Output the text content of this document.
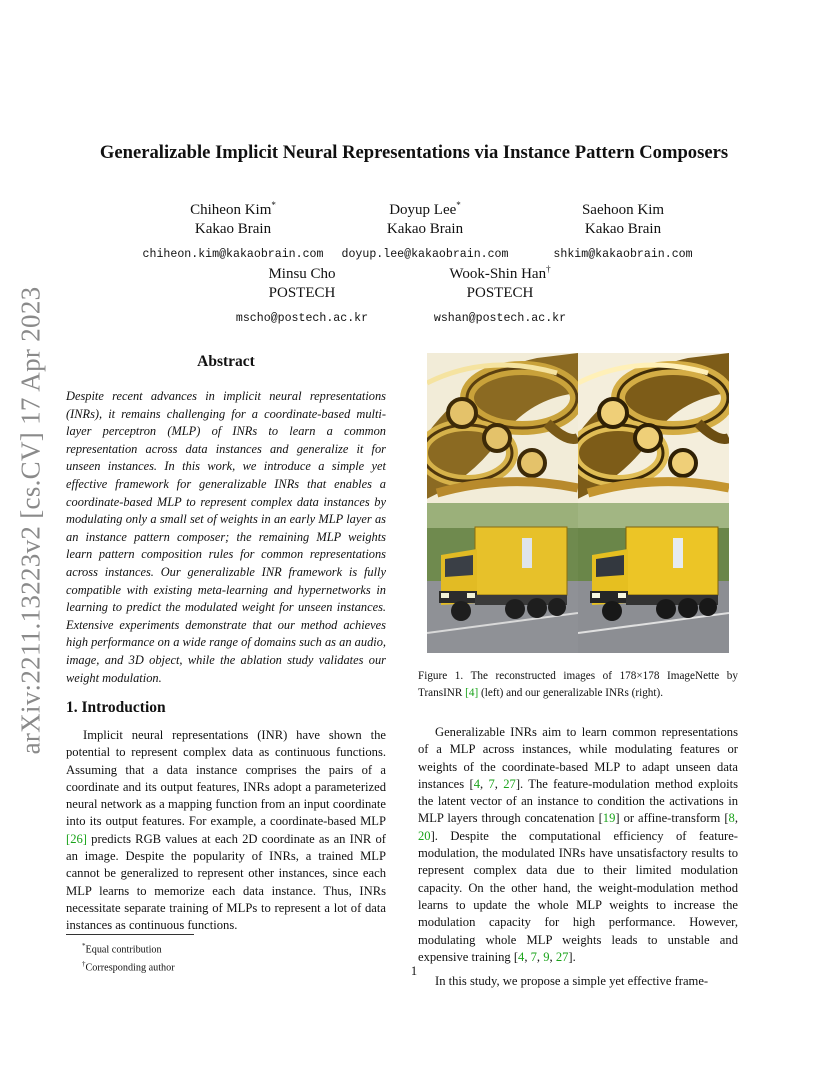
arXiv:2211.13223v2 [cs.CV] 17 Apr 2023
Generalizable Implicit Neural Representations via Instance Pattern Composers
Chiheon Kim*
Kakao Brain
chiheon.kim@kakaobrain.com
Doyup Lee*
Kakao Brain
doyup.lee@kakaobrain.com
Saehoon Kim
Kakao Brain
shkim@kakaobrain.com
Minsu Cho
POSTECH
mscho@postech.ac.kr
Wook-Shin Han†
POSTECH
wshan@postech.ac.kr
Abstract
Despite recent advances in implicit neural representations (INRs), it remains challenging for a coordinate-based multi-layer perceptron (MLP) of INRs to learn a common representation across data instances and generalize it for unseen instances. In this work, we introduce a simple yet effective framework for generalizable INRs that enables a coordinate-based MLP to represent complex data instances by modulating only a small set of weights in an early MLP layer as an instance pattern composer; the remaining MLP weights learn pattern composition rules for common representations across instances. Our generalizable INR framework is fully compatible with existing meta-learning and hypernetworks in learning to predict the modulated weight for unseen instances. Extensive experiments demonstrate that our method achieves high performance on a wide range of domains such as an audio, image, and 3D object, while the ablation study validates our weight modulation.
1. Introduction
Implicit neural representations (INR) have shown the potential to represent complex data as continuous functions. Assuming that a data instance comprises the pairs of a coordinate and its output features, INRs adopt a parameterized neural network as a mapping function from an input coordinate into its output features. For example, a coordinate-based MLP [26] predicts RGB values at each 2D coordinate as an INR of an image. Despite the popularity of INRs, a trained MLP cannot be generalized to represent other instances, since each MLP learns to memorize each data instance. Thus, INRs necessitate separate training of MLPs to represent a lot of data instances as continuous functions.
*Equal contribution
†Corresponding author
Figure 1. The reconstructed images of 178×178 ImageNette by TransINR [4] (left) and our generalizable INRs (right).

Generalizable INRs aim to learn common representations of a MLP across instances, while modulating features or weights of the coordinate-based MLP to adapt unseen data instances [4, 7, 27]. The feature-modulation method exploits the latent vector of an instance to condition the activations in MLP layers through concatenation [19] or affine-transform [8, 20]. Despite the computational efficiency of feature-modulation, the modulated INRs have unsatisfactory results to represent complex data due to their limited modulation capacity. On the other hand, the weight-modulation method learns to update the whole MLP weights to increase the modulation capacity for high performance. However, modulating whole MLP weights leads to unstable and expensive training [4, 7, 9, 27].

In this study, we propose a simple yet effective frame-

1
